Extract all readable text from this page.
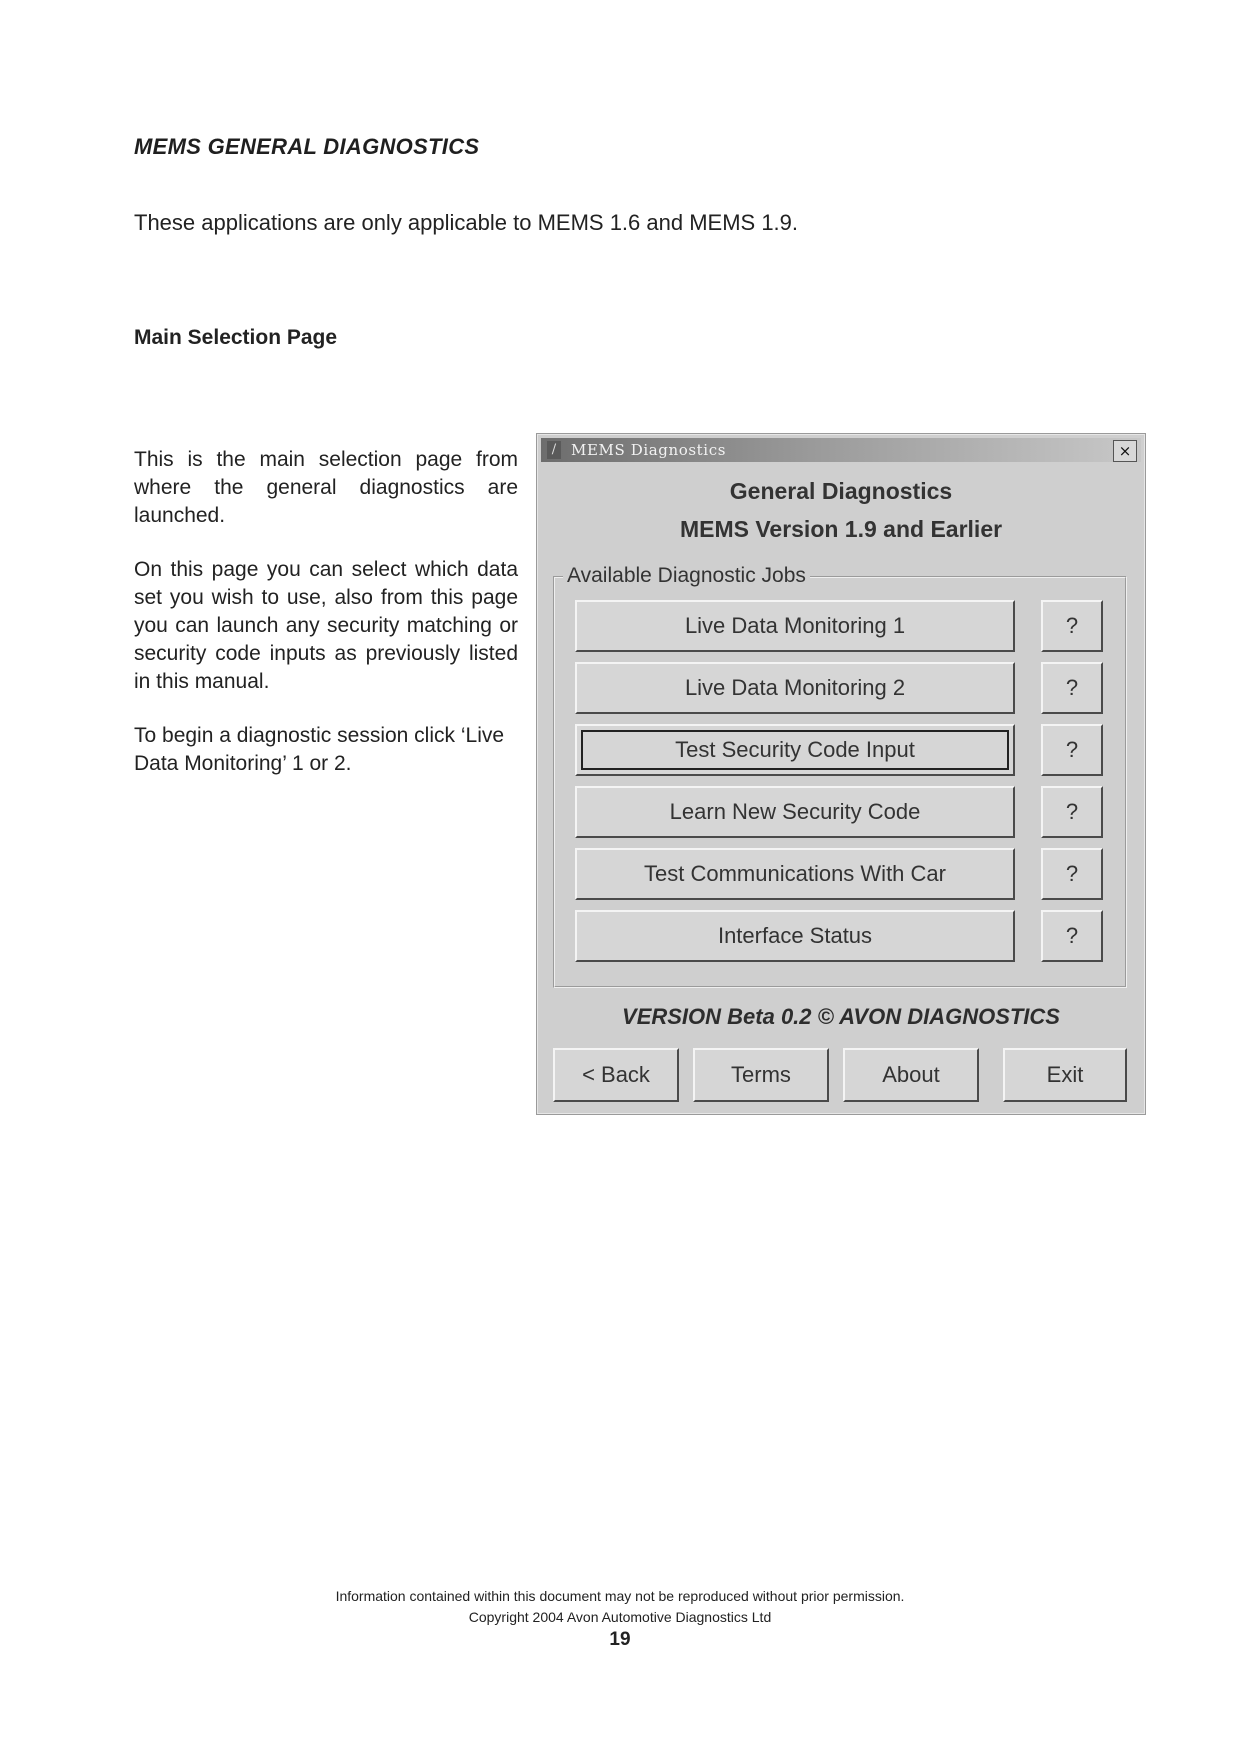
MEMS GENERAL DIAGNOSTICS
These applications are only applicable to MEMS 1.6 and MEMS 1.9.
Main Selection Page

This is the main selection page from where the general diagnostics are launched.

On this page you can select which data set you wish to use, also from this page you can launch any security matching or security code inputs as previously listed in this manual.

To begin a diagnostic session click ‘Live Data Monitoring’ 1 or 2.

/ MEMS Diagnostics	×
General Diagnostics
MEMS Version 1.9 and Earlier
Available Diagnostic Jobs
Live Data Monitoring 1	?
Live Data Monitoring 2	?
Test Security Code Input	?
Learn New Security Code	?
Test Communications With Car	?
Interface Status	?
VERSION Beta 0.2 © AVON DIAGNOSTICS
< Back	Terms	About	Exit
Information contained within this document may not be reproduced without prior permission.
Copyright 2004 Avon Automotive Diagnostics Ltd
19
